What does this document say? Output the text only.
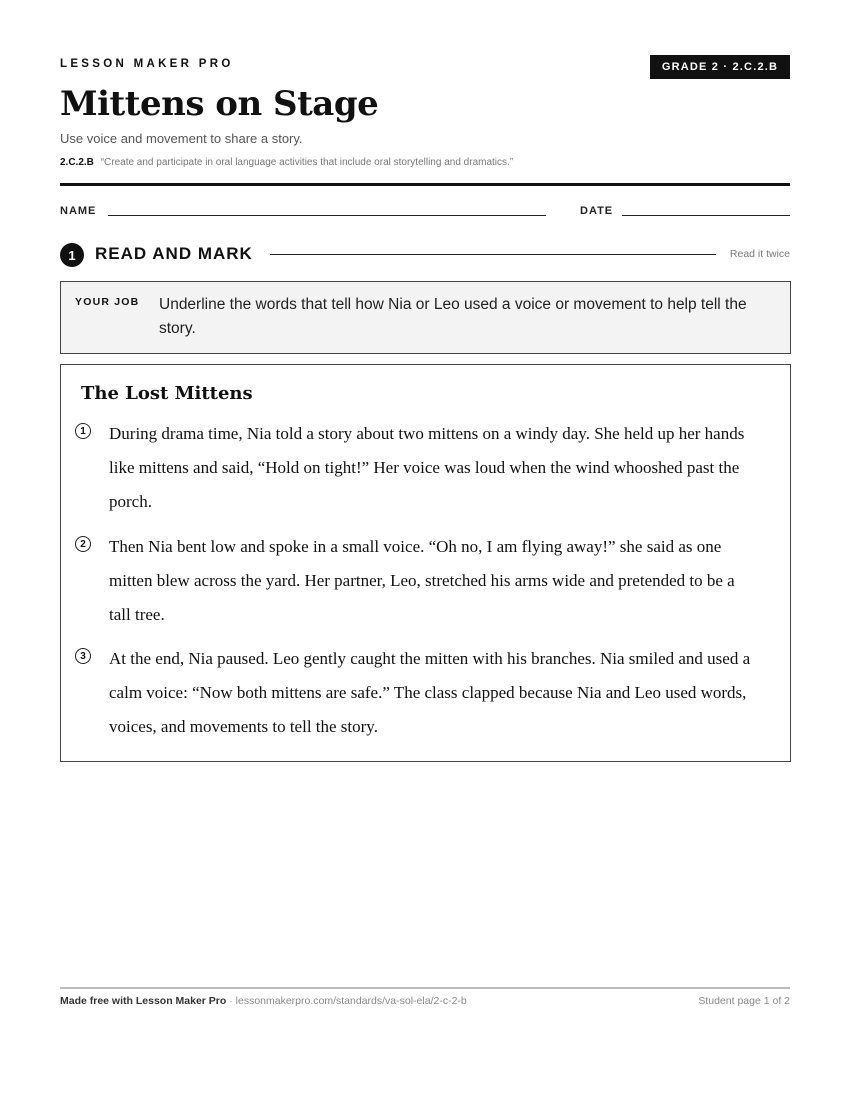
LESSON MAKER PRO	GRADE 2 · 2.C.2.B
Mittens on Stage
Use voice and movement to share a story.
2.C.2.B “Create and participate in oral language activities that include oral storytelling and dramatics.”
NAME	DATE
1	READ AND MARK	Read it twice
YOUR JOB Underline the words that tell how Nia or Leo used a voice or movement to help tell the story.
The Lost Mittens
1	During drama time, Nia told a story about two mittens on a windy day. She held up her hands like mittens and said, “Hold on tight!” Her voice was loud when the wind whooshed past the porch.

2	Then Nia bent low and spoke in a small voice. “Oh no, I am flying away!” she said as one mitten blew across the yard. Her partner, Leo, stretched his arms wide and pretended to be a tall tree.

3	At the end, Nia paused. Leo gently caught the mitten with his branches. Nia smiled and used a calm voice: “Now both mittens are safe.” The class clapped because Nia and Leo used words, voices, and movements to tell the story.

Made free with Lesson Maker Pro · lessonmakerpro.com/standards/va-sol-ela/2-c-2-b	Student page 1 of 2
